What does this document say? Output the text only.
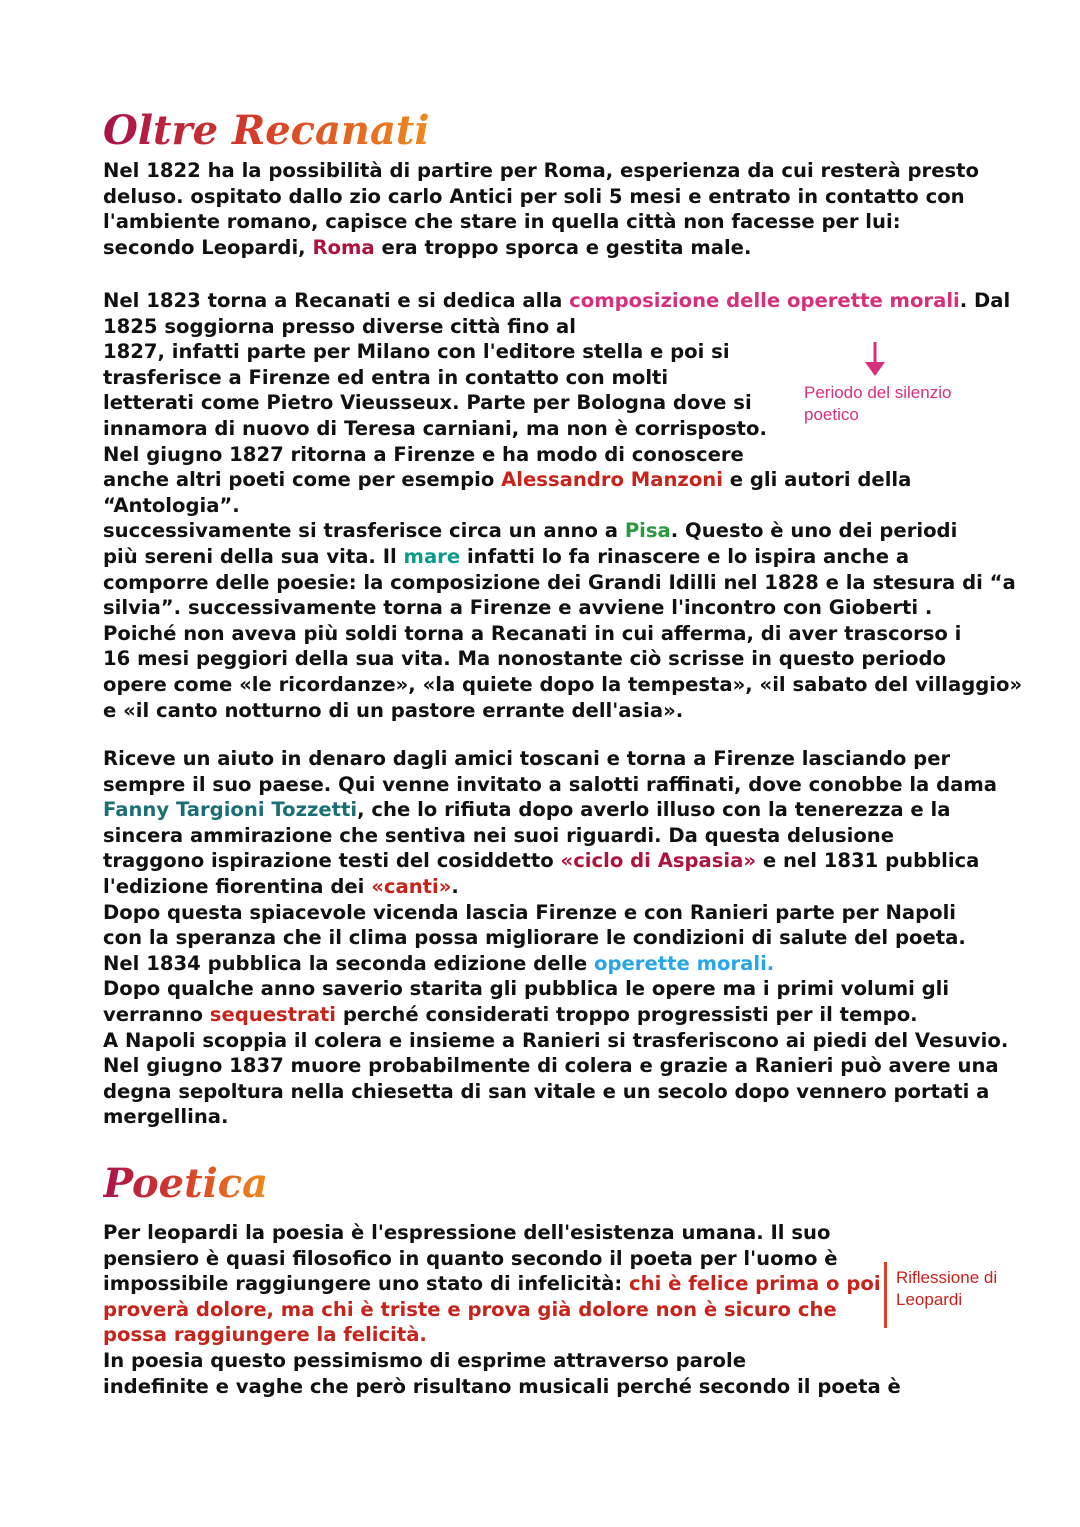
Oltre Recanati
Nel 1822 ha la possibilità di partire per Roma, esperienza da cui resterà presto
deluso. ospitato dallo zio carlo Antici per soli 5 mesi e entrato in contatto con
l'ambiente romano, capisce che stare in quella città non facesse per lui:
secondo Leopardi, Roma era troppo sporca e gestita male.
Nel 1823 torna a Recanati e si dedica alla composizione delle operette morali. Dal
1825 soggiorna presso diverse città fino al
1827, infatti parte per Milano con l'editore stella e poi si
trasferisce a Firenze ed entra in contatto con molti
letterati come Pietro Vieusseux. Parte per Bologna dove si
innamora di nuovo di Teresa carniani, ma non è corrisposto.
Nel giugno 1827 ritorna a Firenze e ha modo di conoscere
anche altri poeti come per esempio Alessandro Manzoni e gli autori della
“Antologia”.
successivamente si trasferisce circa un anno a Pisa. Questo è uno dei periodi
più sereni della sua vita. Il mare infatti lo fa rinascere e lo ispira anche a
comporre delle poesie: la composizione dei Grandi Idilli nel 1828 e la stesura di “a
silvia”. successivamente torna a Firenze e avviene l'incontro con Gioberti .
Poiché non aveva più soldi torna a Recanati in cui afferma, di aver trascorso i
16 mesi peggiori della sua vita. Ma nonostante ciò scrisse in questo periodo
opere come «le ricordanze», «la quiete dopo la tempesta», «il sabato del villaggio»
e «il canto notturno di un pastore errante dell'asia».
Periodo del silenzio poetico
Riceve un aiuto in denaro dagli amici toscani e torna a Firenze lasciando per
sempre il suo paese. Qui venne invitato a salotti raffinati, dove conobbe la dama
Fanny Targioni Tozzetti, che lo rifiuta dopo averlo illuso con la tenerezza e la
sincera ammirazione che sentiva nei suoi riguardi. Da questa delusione
traggono ispirazione testi del cosiddetto «ciclo di Aspasia» e nel 1831 pubblica
l'edizione fiorentina dei «canti».
Dopo questa spiacevole vicenda lascia Firenze e con Ranieri parte per Napoli
con la speranza che il clima possa migliorare le condizioni di salute del poeta.
Nel 1834 pubblica la seconda edizione delle operette morali.
Dopo qualche anno saverio starita gli pubblica le opere ma i primi volumi gli
verranno sequestrati perché considerati troppo progressisti per il tempo.
A Napoli scoppia il colera e insieme a Ranieri si trasferiscono ai piedi del Vesuvio.
Nel giugno 1837 muore probabilmente di colera e grazie a Ranieri può avere una
degna sepoltura nella chiesetta di san vitale e un secolo dopo vennero portati a
mergellina.
Poetica
Per leopardi la poesia è l'espressione dell'esistenza umana. Il suo
pensiero è quasi filosofico in quanto secondo il poeta per l'uomo è
impossibile raggiungere uno stato di infelicità: chi è felice prima o poi
proverà dolore, ma chi è triste e prova già dolore non è sicuro che
possa raggiungere la felicità.
In poesia questo pessimismo di esprime attraverso parole
indefinite e vaghe che però risultano musicali perché secondo il poeta è
Riflessione di Leopardi
